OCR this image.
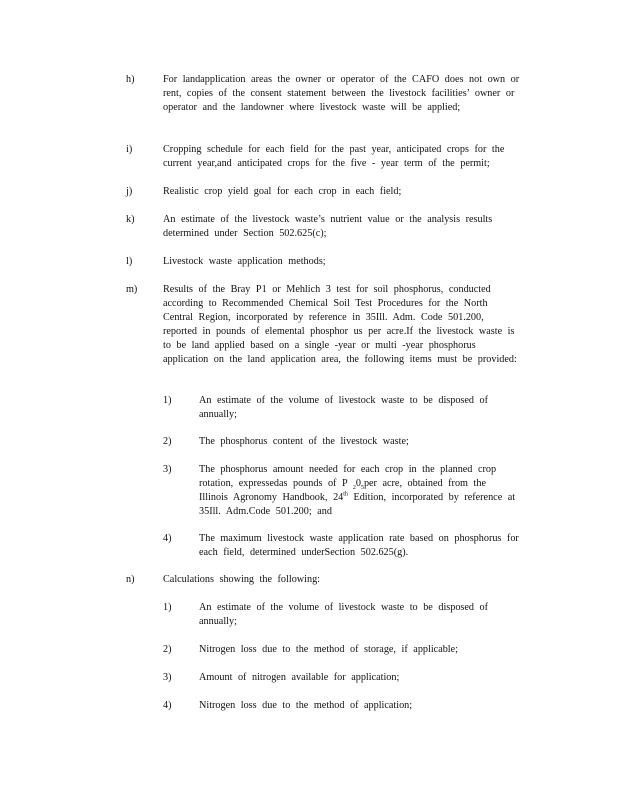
h)	For landapplication areas the owner or operator of the CAFO does not own or rent, copies of the consent statement between the livestock facilities’ owner or operator and the landowner where livestock waste will be applied;
i)	Cropping schedule for each field for the past year, anticipated crops for the current year,and anticipated crops for the five - year term of the permit;
j)	Realistic crop yield goal for each crop in each field;
k)	An estimate of the livestock waste’s nutrient value or the analysis results determined under Section 502.625(c);
l)	Livestock waste application methods;
m)	Results of the Bray P1 or Mehlich 3 test for soil phosphorus, conducted according to Recommended Chemical Soil Test Procedures for the North Central Region, incorporated by reference in 35Ill. Adm. Code 501.200, reported in pounds of elemental phosphor us per acre.If the livestock waste is to be land applied based on a single -year or multi -year phosphorus application on the land application area, the following items must be provided:
1)	An estimate of the volume of livestock waste to be disposed of annually;
2)	The phosphorus content of the livestock waste;
3)	The phosphorus amount needed for each crop in the planned crop rotation, expressedas pounds of P $_20_5per$ acre, obtained from the Illinois Agronomy Handbook, 24th Edition, incorporated by reference at 35Ill. Adm.Code 501.200; and
4)	The maximum livestock waste application rate based on phosphorus for each field, determined underSection 502.625(g).
n)	Calculations showing the following:
1)	An estimate of the volume of livestock waste to be disposed of annually;
2)	Nitrogen loss due to the method of storage, if applicable;
3)	Amount of nitrogen available for application;
4)	Nitrogen loss due to the method of application;
